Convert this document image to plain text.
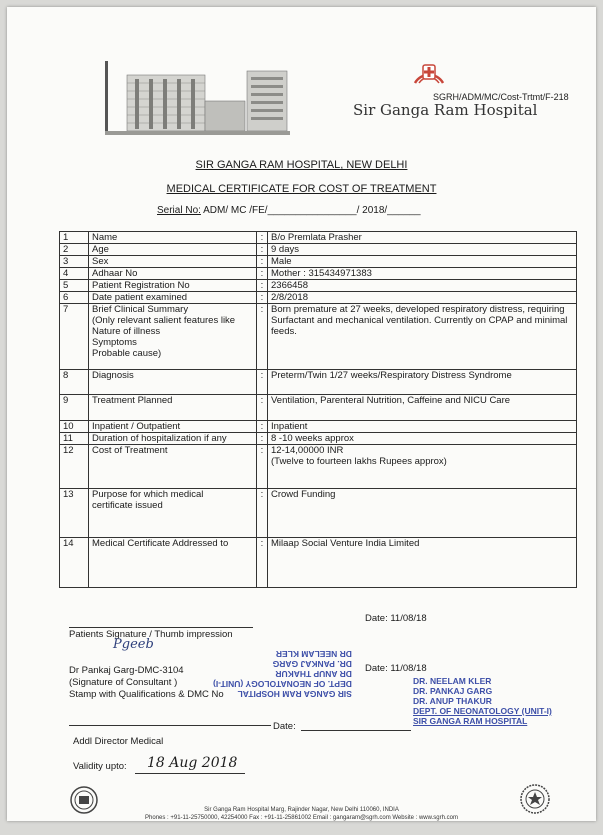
SGRH/ADM/MC/Cost-Trtmt/F-218
Sir Ganga Ram Hospital
SIR GANGA RAM HOSPITAL, NEW DELHI
MEDICAL CERTIFICATE FOR COST OF TREATMENT
Serial No: ADM/ MC /FE/________________/ 2018/______
1	Name	:	B/o Premlata Prasher
2	Age	:	9 days
3	Sex	:	Male
4	Adhaar No	:	Mother : 315434971383
5	Patient Registration No	:	2366458
6	Date patient examined	:	2/8/2018
7	Brief Clinical Summary
(Only relevant salient features like
Nature of illness
Symptoms
Probable cause)	:	Born premature at 27 weeks, developed respiratory distress, requiring Surfactant and mechanical ventilation. Currently on CPAP and minimal feeds.
8	Diagnosis	:	Preterm/Twin 1/27 weeks/Respiratory Distress Syndrome
9	Treatment Planned	:	Ventilation, Parenteral Nutrition, Caffeine and NICU Care
10	Inpatient / Outpatient	:	Inpatient
11	Duration of hospitalization if any	:	8 -10 weeks approx
12	Cost of Treatment	:	12-14,00000 INR
(Twelve to fourteen lakhs Rupees approx)

13	Purpose for which medical
certificate issued	:	Crowd Funding
14	Medical Certificate Addressed to	:	Milaap Social Venture India Limited
Date: 11/08/18
Patients Signature / Thumb impression
Pgeeb
Dr Pankaj Garg-DMC-3104
(Signature of Consultant )
Stamp with Qualifications & DMC No	SIR GANGA RAM HOSPITAL
DEPT. OF NEONATOLOGY (UNIT-I)
DR ANUP THAKUR
DR. PANKAJ GARG
DR NEELAM KLER
Date: 11/08/18
DR. NEELAM KLER
DR. PANKAJ GARG
DR. ANUP THAKUR
DEPT. OF NEONATOLOGY (UNIT-I)
SIR GANGA RAM HOSPITAL
Date:
Addl Director Medical
Validity upto: 18 Aug 2018
Sir Ganga Ram Hospital Marg, Rajinder Nagar, New Delhi 110060, INDIA
Phones : +91-11-25750000, 42254000 Fax : +91-11-25861002 Email : gangaram@sgrh.com Website : www.sgrh.com
